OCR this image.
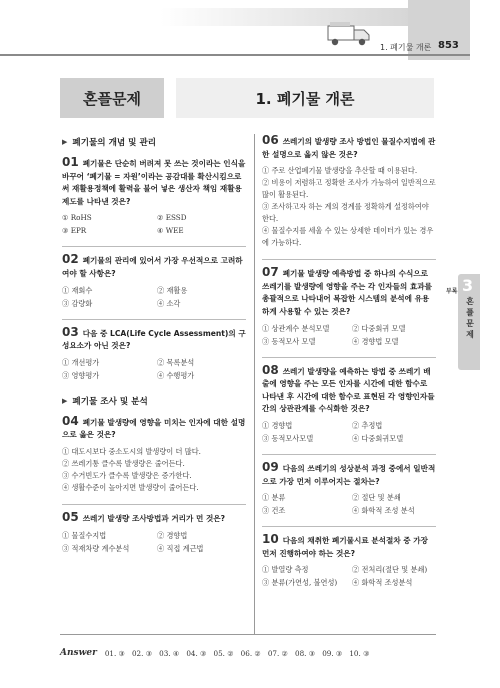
1. 폐기물 개론 853
혼플문제	1. 폐기물 개론
▶ 폐기물의 개념 및 관리
01 폐기물은 단순히 버려져 못 쓰는 것이라는 인식을 바꾸어 ‘폐기물 = 자원’이라는 공감대를 확산시킴으로써 재활용정책에 활력을 불어 넣은 생산자 책임 재활용제도를 나타낸 것은?
① RoHS	② ESSD
③ EPR	④ WEE
02 폐기물의 관리에 있어서 가장 우선적으로 고려하여야 할 사항은?
① 재회수	② 재활용
③ 감량화	④ 소각
03 다음 중 LCA(Life Cycle Assessment)의 구성요소가 아닌 것은?
① 개선평가	② 목록분석
③ 영향평가	④ 수행평가
▶ 폐기물 조사 및 분석
04 폐기물 발생량에 영향을 미치는 인자에 대한 설명으로 옳은 것은?
① 대도시보다 중소도시의 발생량이 더 많다.
② 쓰레기통 클수록 발생량은 줄어든다.
③ 수거빈도가 클수록 발생량은 증가한다.
④ 생활수준이 높아지면 발생량이 줄어든다.
05 쓰레기 발생량 조사방법과 거리가 먼 것은?
① 물질수지법	② 경향법
③ 적재차량 계수분석	④ 직접 계근법
06 쓰레기의 발생량 조사 방법인 물질수지법에 관한 설명으로 옳지 않은 것은?
① 주로 산업폐기물 발생량을 추산할 때 이용된다.
② 비용이 저렴하고 정확한 조사가 가능하여 일반적으로 많이 활용된다.
③ 조사하고자 하는 계의 경계를 정확하게 설정하여야 한다.
④ 물질수지를 세울 수 있는 상세한 데이터가 있는 경우에 가능하다.
07 폐기물 발생량 예측방법 중 하나의 수식으로 쓰레기를 발생량에 영향을 주는 각 인자들의 효과를 총괄적으로 나타내어 복잡한 시스템의 분석에 유용하게 사용할 수 있는 것은?
① 상관계수 분석모델	② 다중회귀 모델
③ 동적모사 모델	④ 경향법 모델
08 쓰레기 발생량을 예측하는 방법 중 쓰레기 배출에 영향을 주는 모든 인자를 시간에 대한 함수로 나타낸 후 시간에 대한 함수로 표현된 각 영향인자들 간의 상관관계를 수식화한 것은?
① 경향법	② 추정법
③ 동적모사모델	④ 다중회귀모델
09 다음의 쓰레기의 성상분석 과정 중에서 일반적으로 가장 먼저 이루어지는 절차는?
① 분류	② 절단 및 분쇄
③ 건조	④ 화학적 조성 분석
10 다음의 채취한 폐기물시료 분석절차 중 가장 먼저 진행하여야 하는 것은?
① 발열량 측정	② 전처리(절단 및 분쇄)
③ 분류(가연성, 불연성)	④ 화학적 조성분석
부록 3
혼플문제
Answer 01. ③ 02. ③ 03. ④ 04. ③ 05. ② 06. ② 07. ② 08. ③ 09. ③ 10. ③
